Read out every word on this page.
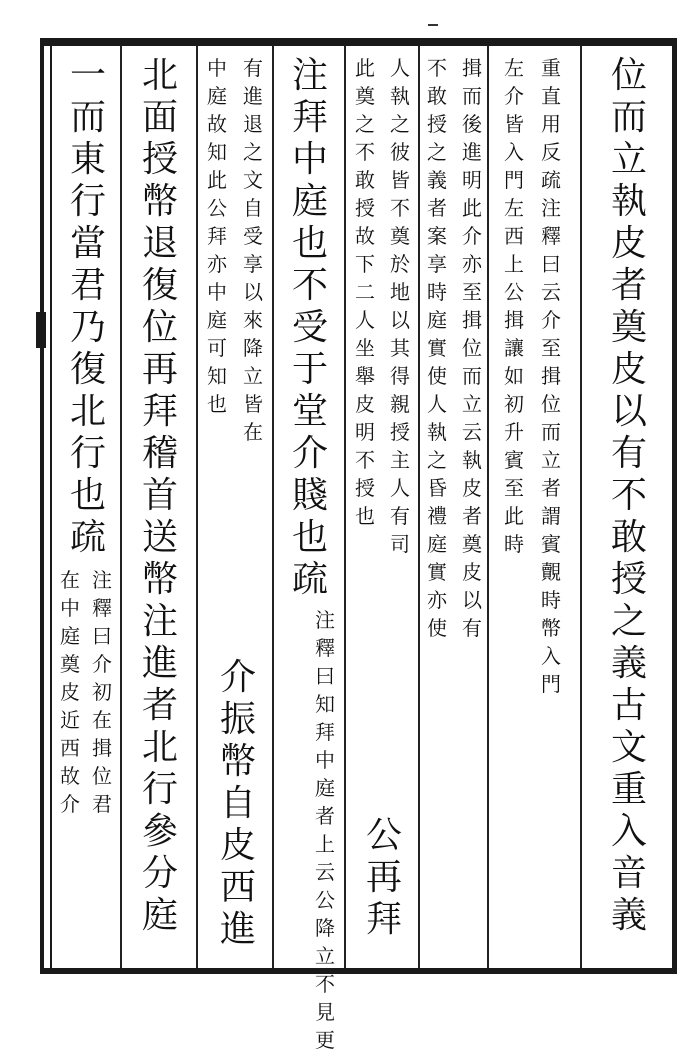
位
而
立
執
皮
者
奠
皮
以
有
不
敢
授
之
義
古
文
重
入
音
義
重
直
用
反
疏
注
釋
曰
云
介
至
揖
位
而
立
者
謂
賓
覿
時
幣
入
門
左
介
皆
入
門
左
西
上
公
揖
讓
如
初
升
賓
至
此
時
揖
而
後
進
明
此
介
亦
至
揖
位
而
立
云
執
皮
者
奠
皮
以
有
不
敢
授
之
義
者
案
享
時
庭
實
使
人
執
之
昏
禮
庭
實
亦
使
人
執
之
彼
皆
不
奠
於
地
以
其
得
親
授
主
人
有
司
此
奠
之
不
敢
授
故
下
二
人
坐
舉
皮
明
不
授
也
注
拜
中
庭
也
不
受
于
堂
介
賤
也
疏
公
再
拜
注
釋
曰
知
拜
中
庭
者
上
云
公
降
立
不
見
更
有
進
退
之
文
自
受
享
以
來
降
立
皆
在
中
庭
故
知
此
公
拜
亦
中
庭
可
知
也
介
振
幣
自
皮
西
進
北
面
授
幣
退
復
位
再
拜
稽
首
送
幣
注
進
者
北
行
參
分
庭
一
而
東
行
當
君
乃
復
北
行
也
疏
注
釋
曰
介
初
在
揖
位
君
在
中
庭
奠
皮
近
西
故
介
